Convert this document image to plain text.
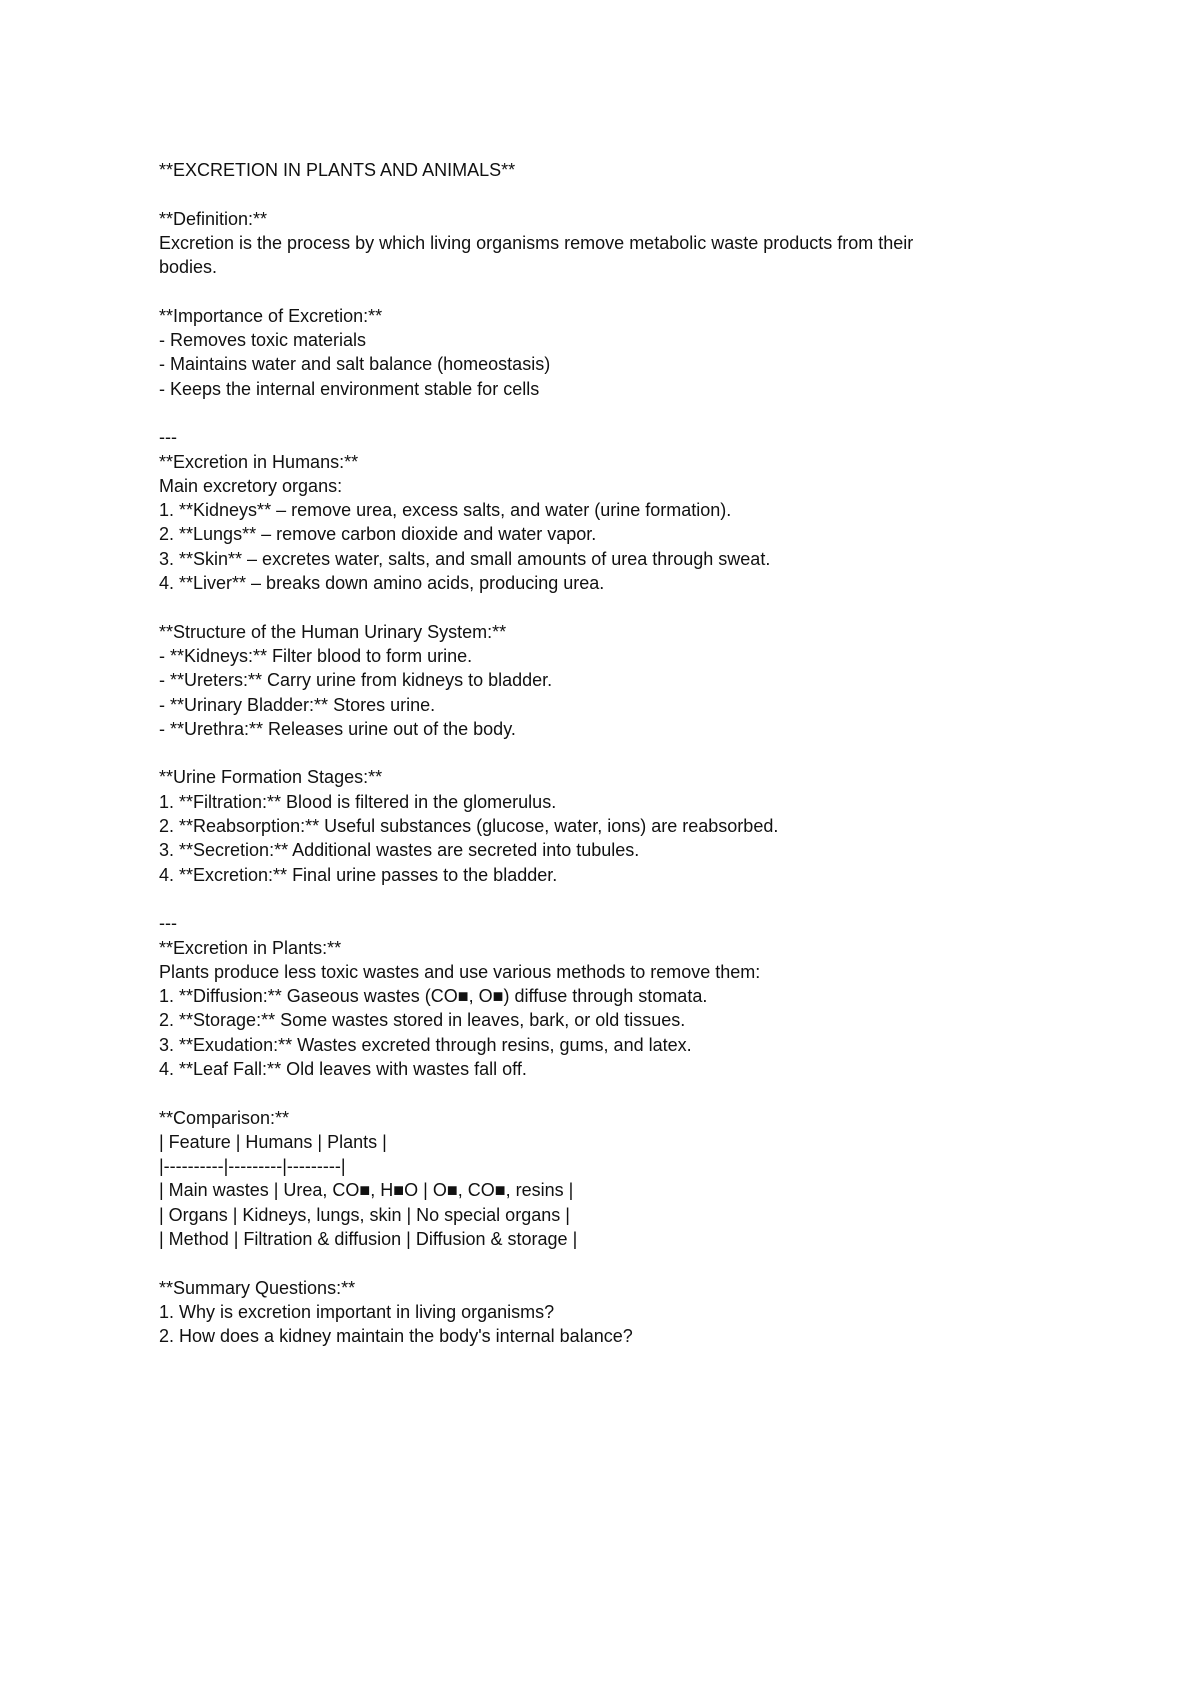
**EXCRETION IN PLANTS AND ANIMALS**
**Definition:**
Excretion is the process by which living organisms remove metabolic waste products from their
bodies.
**Importance of Excretion:**
- Removes toxic materials
- Maintains water and salt balance (homeostasis)
- Keeps the internal environment stable for cells
---
**Excretion in Humans:**
Main excretory organs:
1. **Kidneys** – remove urea, excess salts, and water (urine formation).
2. **Lungs** – remove carbon dioxide and water vapor.
3. **Skin** – excretes water, salts, and small amounts of urea through sweat.
4. **Liver** – breaks down amino acids, producing urea.
**Structure of the Human Urinary System:**
- **Kidneys:** Filter blood to form urine.
- **Ureters:** Carry urine from kidneys to bladder.
- **Urinary Bladder:** Stores urine.
- **Urethra:** Releases urine out of the body.
**Urine Formation Stages:**
1. **Filtration:** Blood is filtered in the glomerulus.
2. **Reabsorption:** Useful substances (glucose, water, ions) are reabsorbed.
3. **Secretion:** Additional wastes are secreted into tubules.
4. **Excretion:** Final urine passes to the bladder.
---
**Excretion in Plants:**
Plants produce less toxic wastes and use various methods to remove them:
1. **Diffusion:** Gaseous wastes (CO■, O■) diffuse through stomata.
2. **Storage:** Some wastes stored in leaves, bark, or old tissues.
3. **Exudation:** Wastes excreted through resins, gums, and latex.
4. **Leaf Fall:** Old leaves with wastes fall off.
**Comparison:**
| Feature | Humans | Plants |
|----------|---------|---------|
| Main wastes | Urea, CO■, H■O | O■, CO■, resins |
| Organs | Kidneys, lungs, skin | No special organs |
| Method | Filtration & diffusion | Diffusion & storage |
**Summary Questions:**
1. Why is excretion important in living organisms?
2. How does a kidney maintain the body's internal balance?
